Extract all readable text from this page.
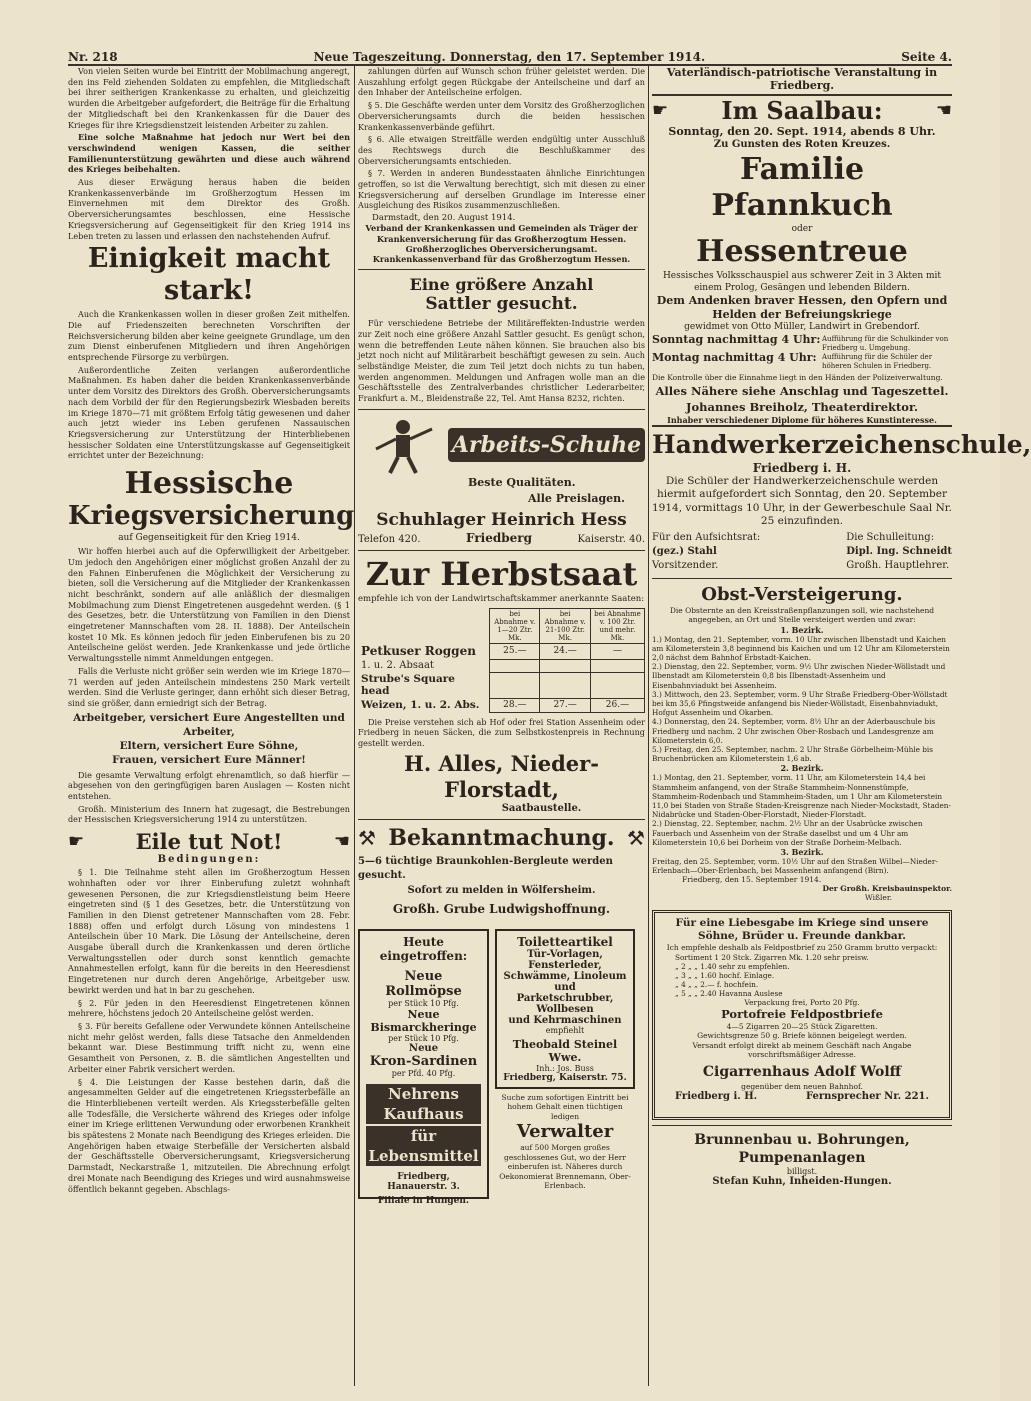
Nr. 218	Neue Tageszeitung. Donnerstag, den 17. September 1914.	Seite 4.

Von vielen Seiten wurde bei Eintritt der Mobilmachung angeregt, den ins Feld ziehenden Soldaten zu empfehlen, die Mitgliedschaft bei ihrer seitherigen Krankenkasse zu erhalten, und gleichzeitig wurden die Arbeitgeber aufgefordert, die Beiträge für die Erhaltung der Mitgliedschaft bei den Krankenkassen für die Dauer des Krieges für ihre Kriegsdienstzeit leistenden Arbeiter zu zahlen.

Eine solche Maßnahme hat jedoch nur Wert bei den verschwindend wenigen Kassen, die seither Familienunterstützung gewährten und diese auch während des Krieges beibehalten.

Aus dieser Erwägung heraus haben die beiden Krankenkassenverbände im Großherzogtum Hessen im Einvernehmen mit dem Direktor des Großh. Oberversicherungsamtes beschlossen, eine Hessische Kriegsversicherung auf Gegenseitigkeit für den Krieg 1914 ins Leben treten zu lassen und erlassen den nachstehenden Aufruf.

Einigkeit macht stark!

Auch die Krankenkassen wollen in dieser großen Zeit mithelfen. Die auf Friedenszeiten berechneten Vorschriften der Reichsversicherung bilden aber keine geeignete Grundlage, um den zum Dienst einberufenen Mitgliedern und ihren Angehörigen entsprechende Fürsorge zu verbürgen.

Außerordentliche Zeiten verlangen außerordentliche Maßnahmen. Es haben daher die beiden Krankenkassenverbände unter dem Vorsitz des Direktors des Großh. Oberversicherungsamts nach dem Vorbild der für den Regierungsbezirk Wiesbaden bereits im Kriege 1870—71 mit größtem Erfolg tätig gewesenen und daher auch jetzt wieder ins Leben gerufenen Nassauischen Kriegsversicherung zur Unterstützung der Hinterbliebenen hessischer Soldaten eine Unterstützungskasse auf Gegenseitigkeit errichtet unter der Bezeichnung:

Hessische
Kriegsversicherung
auf Gegenseitigkeit für den Krieg 1914.

Wir hoffen hierbei auch auf die Opferwilligkeit der Arbeitgeber. Um jedoch den Angehörigen einer möglichst großen Anzahl der zu den Fahnen Einberufenen die Möglichkeit der Versicherung zu bieten, soll die Versicherung auf die Mitglieder der Krankenkassen nicht beschränkt, sondern auf alle anläßlich der diesmaligen Mobilmachung zum Dienst Eingetretenen ausgedehnt werden. (§ 1 des Gesetzes, betr. die Unterstützung von Familien in den Dienst eingetretener Mannschaften vom 28. II. 1888). Der Anteilschein kostet 10 Mk. Es können jedoch für jeden Einberufenen bis zu 20 Anteilscheine gelöst werden. Jede Krankenkasse und jede örtliche Verwaltungsstelle nimmt Anmeldungen entgegen.

Falls die Verluste nicht größer sein werden wie im Kriege 1870—71 werden auf jeden Anteilschein mindestens 250 Mark verteilt werden. Sind die Verluste geringer, dann erhöht sich dieser Betrag, sind sie größer, dann erniedrigt sich der Betrag.

Arbeitgeber, versichert Eure Angestellten und Arbeiter,
Eltern, versichert Eure Söhne,
Frauen, versichert Eure Männer!

Die gesamte Verwaltung erfolgt ehrenamtlich, so daß hierfür — abgesehen von den geringfügigen baren Auslagen — Kosten nicht entstehen.

Großh. Ministerium des Innern hat zugesagt, die Bestrebungen der Hessischen Kriegsversicherung 1914 zu unterstützen.

☛ Eile tut Not!	☚
Bedingungen:

§ 1. Die Teilnahme steht allen im Großherzogtum Hessen wohnhaften oder vor ihrer Einberufung zuletzt wohnhaft gewesenen Personen, die zur Kriegsdienstleistung beim Heere eingetreten sind (§ 1 des Gesetzes, betr. die Unterstützung von Familien in den Dienst getretener Mannschaften vom 28. Febr. 1888) offen und erfolgt durch Lösung von mindestens 1 Anteilschein über 10 Mark. Die Lösung der Anteilscheine, deren Ausgabe überall durch die Krankenkassen und deren örtliche Verwaltungsstellen oder durch sonst kenntlich gemachte Annahmestellen erfolgt, kann für die bereits in den Heeresdienst Eingetretenen nur durch deren Angehörige, Arbeitgeber usw. bewirkt werden und hat in bar zu geschehen.

§ 2. Für jeden in den Heeresdienst Eingetretenen können mehrere, höchstens jedoch 20 Anteilscheine gelöst werden.

§ 3. Für bereits Gefallene oder Verwundete können Anteilscheine nicht mehr gelöst werden, falls diese Tatsache den Anmeldenden bekannt war. Diese Bestimmung trifft nicht zu, wenn eine Gesamtheit von Personen, z. B. die sämtlichen Angestellten und Arbeiter einer Fabrik versichert werden.

§ 4. Die Leistungen der Kasse bestehen darin, daß die angesammelten Gelder auf die eingetretenen Kriegssterbefälle an die Hinterbliebenen verteilt werden. Als Kriegssterbefälle gelten alle Todesfälle, die Versicherte während des Krieges oder infolge einer im Kriege erlittenen Verwundung oder erworbenen Krankheit bis spätestens 2 Monate nach Beendigung des Krieges erleiden. Die Angehörigen haben etwaige Sterbefälle der Versicherten alsbald der Geschäftsstelle Oberversicherungsamt, Kriegsversicherung Darmstadt, Neckarstraße 1, mitzuteilen. Die Abrechnung erfolgt drei Monate nach Beendigung des Krieges und wird ausnahmsweise öffentlich bekannt gegeben. Abschlags-

zahlungen dürfen auf Wunsch schon früher geleistet werden. Die Auszahlung erfolgt gegen Rückgabe der Anteilscheine und darf an den Inhaber der Anteilscheine erfolgen.

§ 5. Die Geschäfte werden unter dem Vorsitz des Großherzoglichen Oberversicherungsamts durch die beiden hessischen Krankenkassenverbände geführt.

§ 6. Alle etwaigen Streitfälle werden endgültig unter Ausschluß des Rechtswegs durch die Beschlußkammer des Oberversicherungsamts entschieden.

§ 7. Werden in anderen Bundesstaaten ähnliche Einrichtungen getroffen, so ist die Verwaltung berechtigt, sich mit diesen zu einer Kriegsversicherung auf derselben Grundlage im Interesse einer Ausgleichung des Risikos zusammenzuschließen.

Darmstadt, den 20. August 1914.
Verband der Krankenkassen und Gemeinden als Träger der Krankenversicherung für das Großherzogtum Hessen.
Großherzogliches Oberversicherungsamt.
Krankenkassenverband für das Großherzogtum Hessen.
Eine größere Anzahl
Sattler gesucht.

Für verschiedene Betriebe der Militäreffekten-Industrie werden zur Zeit noch eine größere Anzahl Sattler gesucht. Es genügt schon, wenn die betreffenden Leute nähen können. Sie brauchen also bis jetzt noch nicht auf Militärarbeit beschäftigt gewesen zu sein. Auch selbständige Meister, die zum Teil jetzt doch nichts zu tun haben, werden angenommen. Meldungen und Anfragen wolle man an die Geschäftsstelle des Zentralverbandes christlicher Lederarbeiter, Frankfurt a. M., Bleidenstraße 22, Tel. Amt Hansa 8232, richten.

Arbeits-Schuhe
Beste Qualitäten.
Alle Preislagen.
Schuhlager Heinrich Hess
Telefon 420.	Friedberg	Kaiserstr. 40.
Zur Herbstsaat
empfehle ich von der Landwirtschaftskammer anerkannte Saaten:
	bei Abnahme v. 1—20 Ztr. Mk.	bei Abnahme v. 21-100 Ztr. Mk.	bei Abnahme v. 100 Ztr. und mehr. Mk.
Petkuser Roggen	25.—	24.—	—
1. u. 2. Absaat			
Strube's Square head			
Weizen, 1. u. 2. Abs.	28.—	27.—	26.—

Die Preise verstehen sich ab Hof oder frei Station Assenheim oder Friedberg in neuen Säcken, die zum Selbstkostenpreis in Rechnung gestellt werden.

H. Alles, Nieder-Florstadt,
Saatbaustelle.
⚒ Bekanntmachung. ⚒
5—6 tüchtige Braunkohlen-Bergleute werden gesucht.
Sofort zu melden in Wölfersheim.
Großh. Grube Ludwigshoffnung.
Heute eingetroffen:
Neue Rollmöpse
per Stück 10 Pfg.
Neue Bismarckheringe
per Stück 10 Pfg.
Neue
Kron-Sardinen
per Pfd. 40 Pfg.
Nehrens Kaufhaus
für Lebensmittel
Friedberg, Hanauerstr. 3.
Filiale in Hungen.
Toiletteartikel
Tür-Vorlagen, Fensterleder,
Schwämme, Linoleum und
Parketschrubber, Wollbesen
und Kehrmaschinen
empfiehlt
Theobald Steinel Wwe.
Inh.: Jos. Buss
Friedberg, Kaiserstr. 75.
Suche zum sofortigen Eintritt bei hohem Gehalt einen tüchtigen ledigen
Verwalter
auf 500 Morgen großes geschlossenes Gut, wo der Herr einberufen ist. Näheres durch Oekonomierat Brennemann, Ober-Erlenbach.
Vaterländisch-patriotische Veranstaltung in Friedberg.
☛ Im Saalbau:	☚
Sonntag, den 20. Sept. 1914, abends 8 Uhr.
Zu Gunsten des Roten Kreuzes.
Familie Pfannkuch
oder
Hessentreue
Hessisches Volksschauspiel aus schwerer Zeit in 3 Akten mit einem Prolog, Gesängen und lebenden Bildern.
Dem Andenken braver Hessen, den Opfern und Helden der Befreiungskriege
gewidmet von Otto Müller, Landwirt in Grebendorf.
Sonntag nachmittag 4 Uhr: Aufführung für die Schulkinder von Friedberg u. Umgebung.
Montag nachmittag 4 Uhr: Aufführung für die Schüler der höheren Schulen in Friedberg.
Die Kontrolle über die Einnahme liegt in den Händen der Polizeiverwaltung.
Alles Nähere siehe Anschlag und Tageszettel.
Johannes Breiholz, Theaterdirektor.
Inhaber verschiedener Diplome für höheres Kunstinteresse.
Handwerkerzeichenschule,
Friedberg i. H.
Die Schüler der Handwerkerzeichenschule werden hiermit aufgefordert sich Sonntag, den 20. September 1914, vormittags 10 Uhr, in der Gewerbeschule Saal Nr. 25 einzufinden.
Für den Aufsichtsrat:
(gez.) Stahl
Vorsitzender.
Die Schulleitung:
Dipl. Ing. Schneidt
Großh. Hauptlehrer.
Obst-Versteigerung.
Die Obsternte an den Kreisstraßenpflanzungen soll, wie nachstehend angegeben, an Ort und Stelle versteigert werden und zwar:
1. Bezirk.
1.) Montag, den 21. September, vorm. 10 Uhr zwischen Ilbenstadt und Kaichen am Kilometerstein 3,8 beginnend bis Kaichen und um 12 Uhr am Kilometerstein 2,0 nächst dem Bahnhof Erbstadt-Kaichen.
2.) Dienstag, den 22. September, vorm. 9½ Uhr zwischen Nieder-Wöllstadt und Ilbenstadt am Kilometerstein 0,8 bis Ilbenstadt-Assenheim und Eisenbahnviadukt bei Assenheim.
3.) Mittwoch, den 23. September, vorm. 9 Uhr Straße Friedberg-Ober-Wöllstadt bei km 35,6 Pfingstweide anfangend bis Nieder-Wöllstadt, Eisenbahnviadukt, Hofgut Assenheim und Okarben.
4.) Donnerstag, den 24. September, vorm. 8½ Uhr an der Aderbauschule bis Friedberg und nachm. 2 Uhr zwischen Ober-Rosbach und Landesgrenze am Kilometerstein 6,0.
5.) Freitag, den 25. September, nachm. 2 Uhr Straße Görbelheim-Mühle bis Bruchenbrücken am Kilometerstein 1,6 ab.
2. Bezirk.
1.) Montag, den 21. September, vorm. 11 Uhr, am Kilometerstein 14,4 bei Stammheim anfangend, von der Straße Stammheim-Nonnenstümpfe, Stammheim-Rodenbach und Stammheim-Staden, um 1 Uhr am Kilometerstein 11,0 bei Staden von Straße Staden-Kreisgrenze nach Nieder-Mockstadt, Staden-Nidabrücke und Staden-Ober-Florstadt, Nieder-Florstadt.
2.) Dienstag, 22. September, nachm. 2½ Uhr an der Usabrücke zwischen Fauerbach und Assenheim von der Straße daselbst und um 4 Uhr am Kilometerstein 10,6 bei Dorheim von der Straße Dorheim-Melbach.
3. Bezirk.
Freitag, den 25. September, vorm. 10½ Uhr auf den Straßen Wilbel—Nieder-Erlenbach—Ober-Erlenbach, bei Massenheim anfangend (Birn).
Friedberg, den 15. September 1914.
Der Großh. Kreisbauinspektor.
Wißler.
Für eine Liebesgabe im Kriege sind unsere Söhne, Brüder u. Freunde dankbar.
Ich empfehle deshalb als Feldpostbrief zu 250 Gramm brutto verpackt:
Sortiment 1 20 Stck. Zigarren Mk. 1.20 sehr preisw.
„ 2 „ „ 1.40 sehr zu empfehlen.
„ 3 „ „ 1.60 hochf. Einlage.
„ 4 „ „ 2.— f. hochfein.
„ 5 „ „ 2.40 Havanna Auslese
Verpackung frei, Porto 20 Pfg.
Portofreie Feldpostbriefe
4—5 Zigarren 20—25 Stück Zigaretten.
Gewichtsgrenze 50 g. Briefe können beigelegt werden.
Versandt erfolgt direkt ab meinem Geschäft nach Angabe vorschriftsmäßiger Adresse.
Cigarrenhaus Adolf Wolff
gegenüber dem neuen Bahnhof.
Friedberg i. H.	Fernsprecher Nr. 221.
Brunnenbau u. Bohrungen, Pumpenanlagen
billigst.
Stefan Kuhn, Inheiden-Hungen.
